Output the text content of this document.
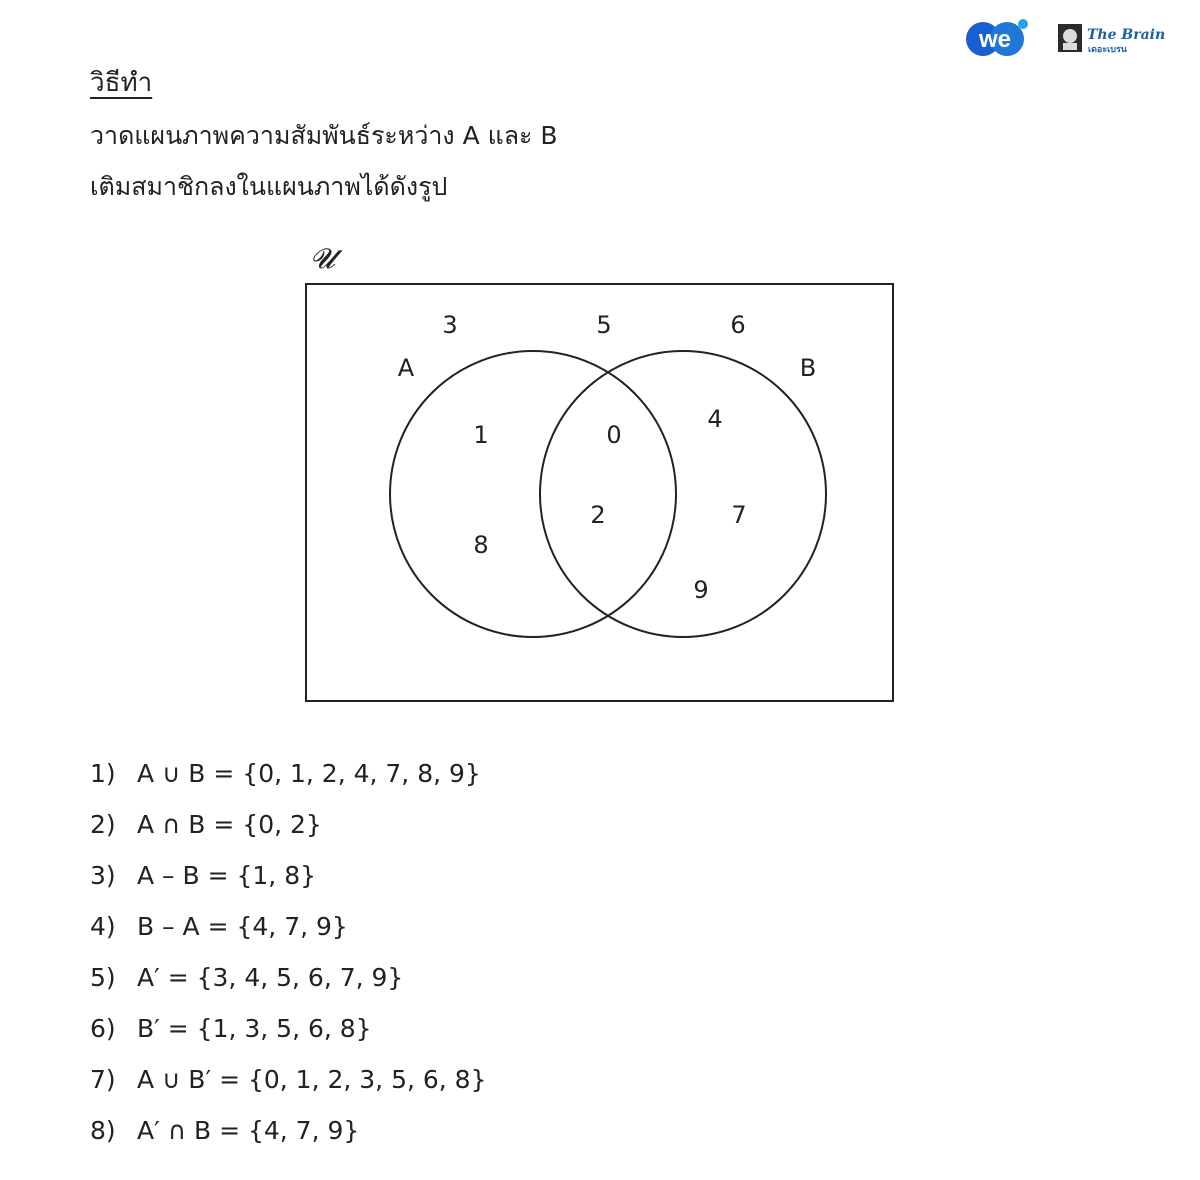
we	The Brain
เดอะเบรน
วิธีทำ
วาดแผนภาพความสัมพันธ์ระหว่าง A และ B
เติมสมาชิกลงในแผนภาพได้ดังรูป
𝓤
A	B
3	5	6
1
8
0
2
4
7
9
1) A ∪ B = {0, 1, 2, 4, 7, 8, 9}
2) A ∩ B = {0, 2}
3) A – B = {1, 8}
4) B – A = {4, 7, 9}
5) A′ = {3, 4, 5, 6, 7, 9}
6) B′ = {1, 3, 5, 6, 8}
7) A ∪ B′ = {0, 1, 2, 3, 5, 6, 8}
8) A′ ∩ B = {4, 7, 9}
